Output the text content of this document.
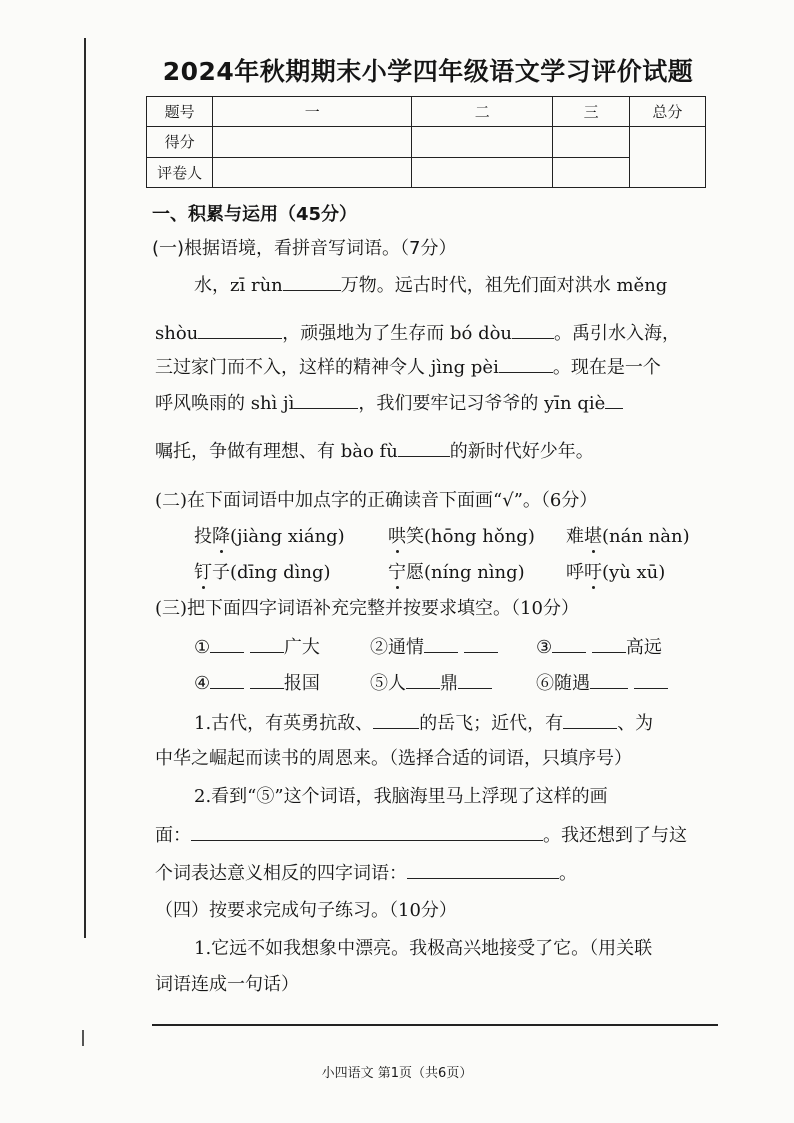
2024年秋期期末小学四年级语文学习评价试题
题号	一	二	三	总分
得分				
评卷人				
一、积累与运用（45分）
(一)根据语境，看拼音写词语。（7分）
水，zī rùn	万物。远古时代，祖先们面对洪水 měng
shòu	，顽强地为了生存而 bó dòu 。禹引水入海，
三过家门而不入，这样的精神令人 jìng pèi	。现在是一个
呼风唤雨的 shì jì	，我们要牢记习爷爷的 yīn qiè
嘱托，争做有理想、有 bào fù	的新时代好少年。
(二)在下面词语中加点字的正确读音下面画“√”。（6分）
投降(jiàng xiáng) 哄笑(hōng hǒng) 难堪(nán nàn)
钉子(dīng dìng)	宁愿(níng nìng) 呼吁(yù xū)
(三)把下面四字词语补充完整并按要求填空。（10分）
①	广大	②通情	③	高远
④	报国	⑤人 鼎	⑥随遇
1.古代，有英勇抗敌、	的岳飞；近代，有	、为
中华之崛起而读书的周恩来。（选择合适的词语，只填序号）
2.看到“⑤”这个词语，我脑海里马上浮现了这样的画
面：	。我还想到了与这
个词表达意义相反的四字词语：	。
（四）按要求完成句子练习。（10分）
1.它远不如我想象中漂亮。我极高兴地接受了它。（用关联
词语连成一句话）
小四语文 第1页（共6页）
